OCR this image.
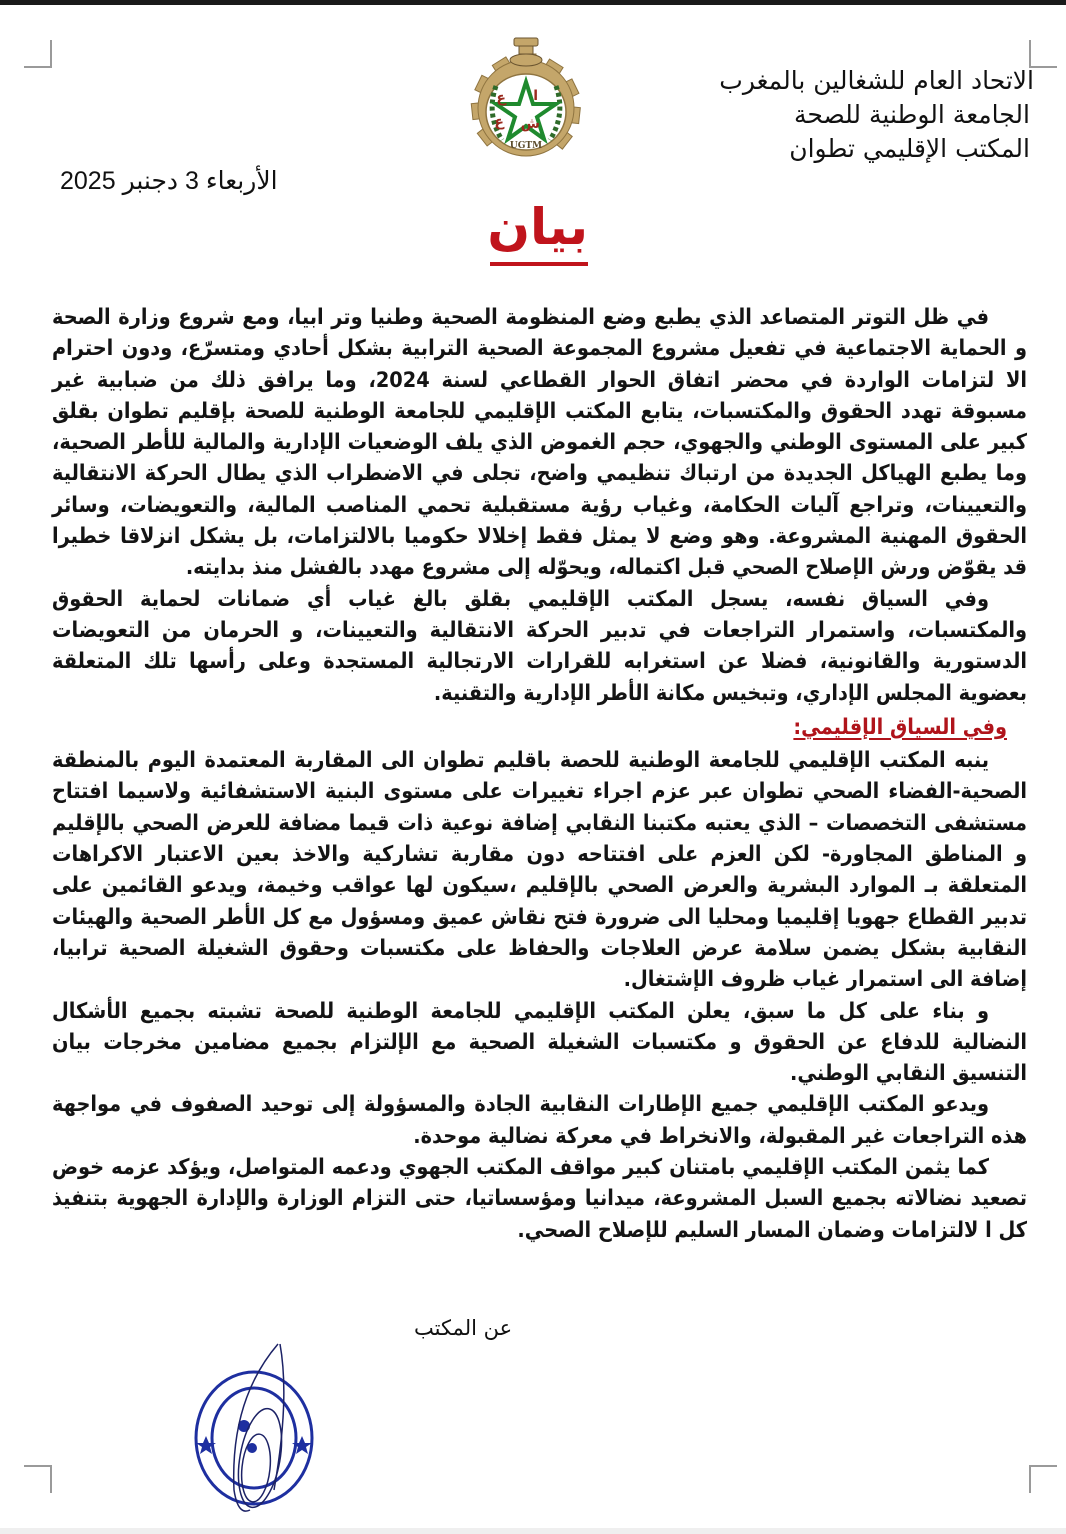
الاتحاد العام للشغالين بالمغرب
الجامعة الوطنية للصحة
المكتب الإقليمي تطوان
ع ا
ع ش
UGTM
الأربعاء 3 دجنبر 2025
بيان

في ظل التوتر المتصاعد الذي يطبع وضع المنظومة الصحية وطنيا وتر ابيا، ومع شروع وزارة الصحة و الحماية الاجتماعية في تفعيل مشروع المجموعة الصحية الترابية بشكل أحادي ومتسرّع، ودون احترام الا لتزامات الواردة في محضر اتفاق الحوار القطاعي لسنة 2024، وما يرافق ذلك من ضبابية غير مسبوقة تهدد الحقوق والمكتسبات، يتابع المكتب الإقليمي للجامعة الوطنية للصحة بإقليم تطوان بقلق كبير على المستوى الوطني والجهوي، حجم الغموض الذي يلف الوضعيات الإدارية والمالية للأطر الصحية، وما يطبع الهياكل الجديدة من ارتباك تنظيمي واضح، تجلى في الاضطراب الذي يطال الحركة الانتقالية والتعيينات، وتراجع آليات الحكامة، وغياب رؤية مستقبلية تحمي المناصب المالية، والتعويضات، وسائر الحقوق المهنية المشروعة. وهو وضع لا يمثل فقط إخلالا حكوميا بالالتزامات، بل يشكل انزلاقا خطيرا قد يقوّض ورش الإصلاح الصحي قبل اكتماله، ويحوّله إلى مشروع مهدد بالفشل منذ بدايته.

وفي السياق نفسه، يسجل المكتب الإقليمي بقلق بالغ غياب أي ضمانات لحماية الحقوق والمكتسبات، واستمرار التراجعات في تدبير الحركة الانتقالية والتعيينات، و الحرمان من التعويضات الدستورية والقانونية، فضلا عن استغرابه للقرارات الارتجالية المستجدة وعلى رأسها تلك المتعلقة بعضوية المجلس الإداري، وتبخيس مكانة الأطر الإدارية والتقنية.

وفي السياق الإقليمي:

ينبه المكتب الإقليمي للجامعة الوطنية للحصة باقليم تطوان الى المقاربة المعتمدة اليوم بالمنطقة الصحية-الفضاء الصحي تطوان عبر عزم اجراء تغييرات على مستوى البنية الاستشفائية ولاسيما افتتاح مستشفى التخصصات – الذي يعتبه مكتبنا النقابي إضافة نوعية ذات قيما مضافة للعرض الصحي بالإقليم و المناطق المجاورة- لكن العزم على افتتاحه دون مقاربة تشاركية والاخذ بعين الاعتبار الاكراهات المتعلقة بـ الموارد البشرية والعرض الصحي بالإقليم ،سيكون لها عواقب وخيمة، ويدعو القائمين على تدبير القطاع جهويا إقليميا ومحليا الى ضرورة فتح نقاش عميق ومسؤول مع كل الأطر الصحية والهيئات النقابية بشكل يضمن سلامة عرض العلاجات والحفاظ على مكتسبات وحقوق الشغيلة الصحية ترابيا، إضافة الى استمرار غياب ظروف الإشتغال.

و بناء على كل ما سبق، يعلن المكتب الإقليمي للجامعة الوطنية للصحة تشبته بجميع الأشكال النضالية للدفاع عن الحقوق و مكتسبات الشغيلة الصحية مع الإلتزام بجميع مضامين مخرجات بيان التنسيق النقابي الوطني.

ويدعو المكتب الإقليمي جميع الإطارات النقابية الجادة والمسؤولة إلى توحيد الصفوف في مواجهة هذه التراجعات غير المقبولة، والانخراط في معركة نضالية موحدة.

كما يثمن المكتب الإقليمي بامتنان كبير مواقف المكتب الجهوي ودعمه المتواصل، ويؤكد عزمه خوض تصعيد نضالاته بجميع السبل المشروعة، ميدانيا ومؤسساتيا، حتى التزام الوزارة والإدارة الجهوية بتنفيذ كل ا لالتزامات وضمان المسار السليم للإصلاح الصحي.

عن المكتب
